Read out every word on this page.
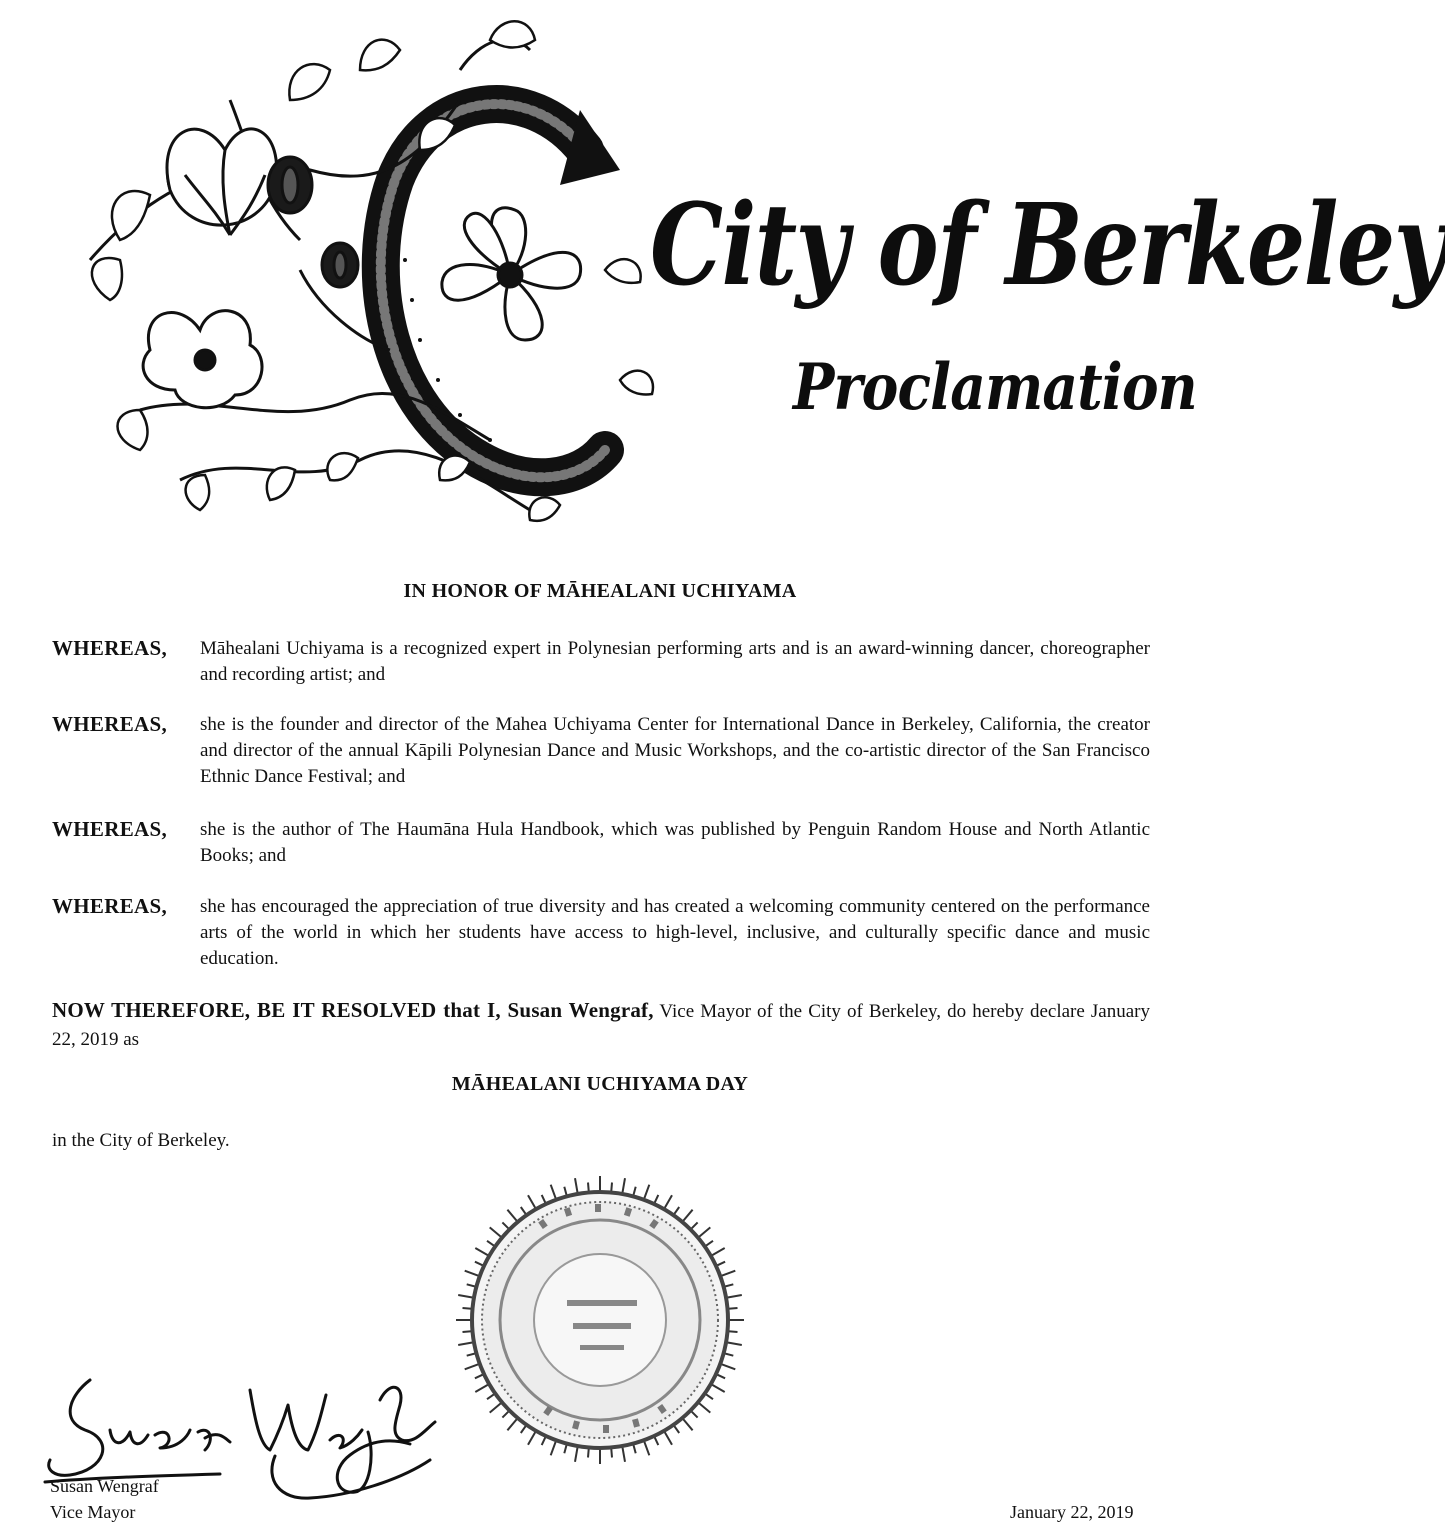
City of Berkeley
Proclamation
IN HONOR OF MĀHEALANI UCHIYAMA
WHEREAS, Māhealani Uchiyama is a recognized expert in Polynesian performing arts and is an award-winning dancer, choreographer and recording artist; and
WHEREAS, she is the founder and director of the Mahea Uchiyama Center for International Dance in Berkeley, California, the creator and director of the annual Kāpili Polynesian Dance and Music Workshops, and the co-artistic director of the San Francisco Ethnic Dance Festival; and
WHEREAS, she is the author of The Haumāna Hula Handbook, which was published by Penguin Random House and North Atlantic Books; and
WHEREAS, she has encouraged the appreciation of true diversity and has created a welcoming community centered on the performance arts of the world in which her students have access to high-level, inclusive, and culturally specific dance and music education.
NOW THEREFORE, BE IT RESOLVED that I, Susan Wengraf, Vice Mayor of the City of Berkeley, do hereby declare January 22, 2019 as
MĀHEALANI UCHIYAMA DAY
in the City of Berkeley.
Susan Wengraf
Vice Mayor	January 22, 2019
